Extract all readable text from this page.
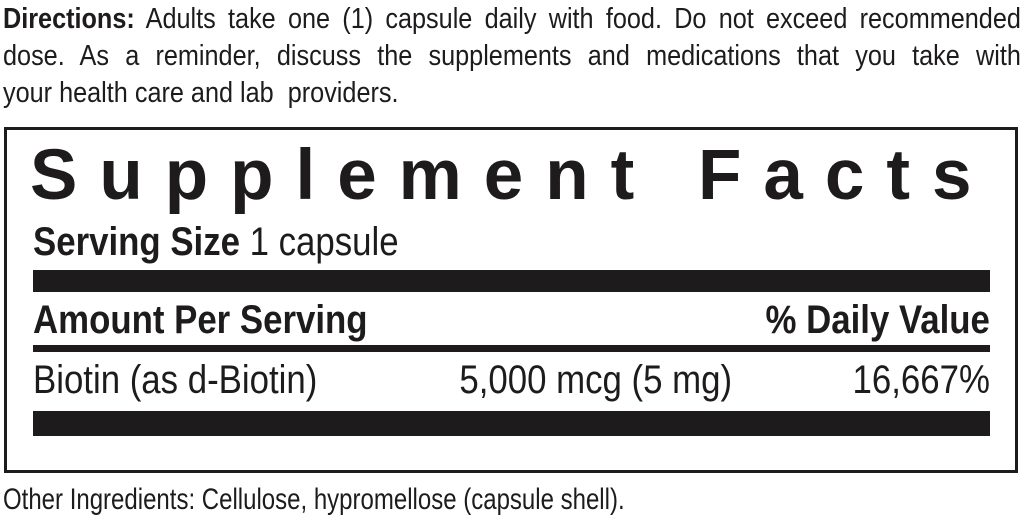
Directions: Adults take one (1) capsule daily with food. Do not exceed recommended
dose. As a reminder, discuss the supplements and medications that you take with
your health care and lab  providers.
Supplement Facts
Serving Size 1 capsule
Amount Per Serving	% Daily Value
Biotin (as d-Biotin)	5,000 mcg (5 mg)	16,667%
Other Ingredients: Cellulose, hypromellose (capsule shell).
